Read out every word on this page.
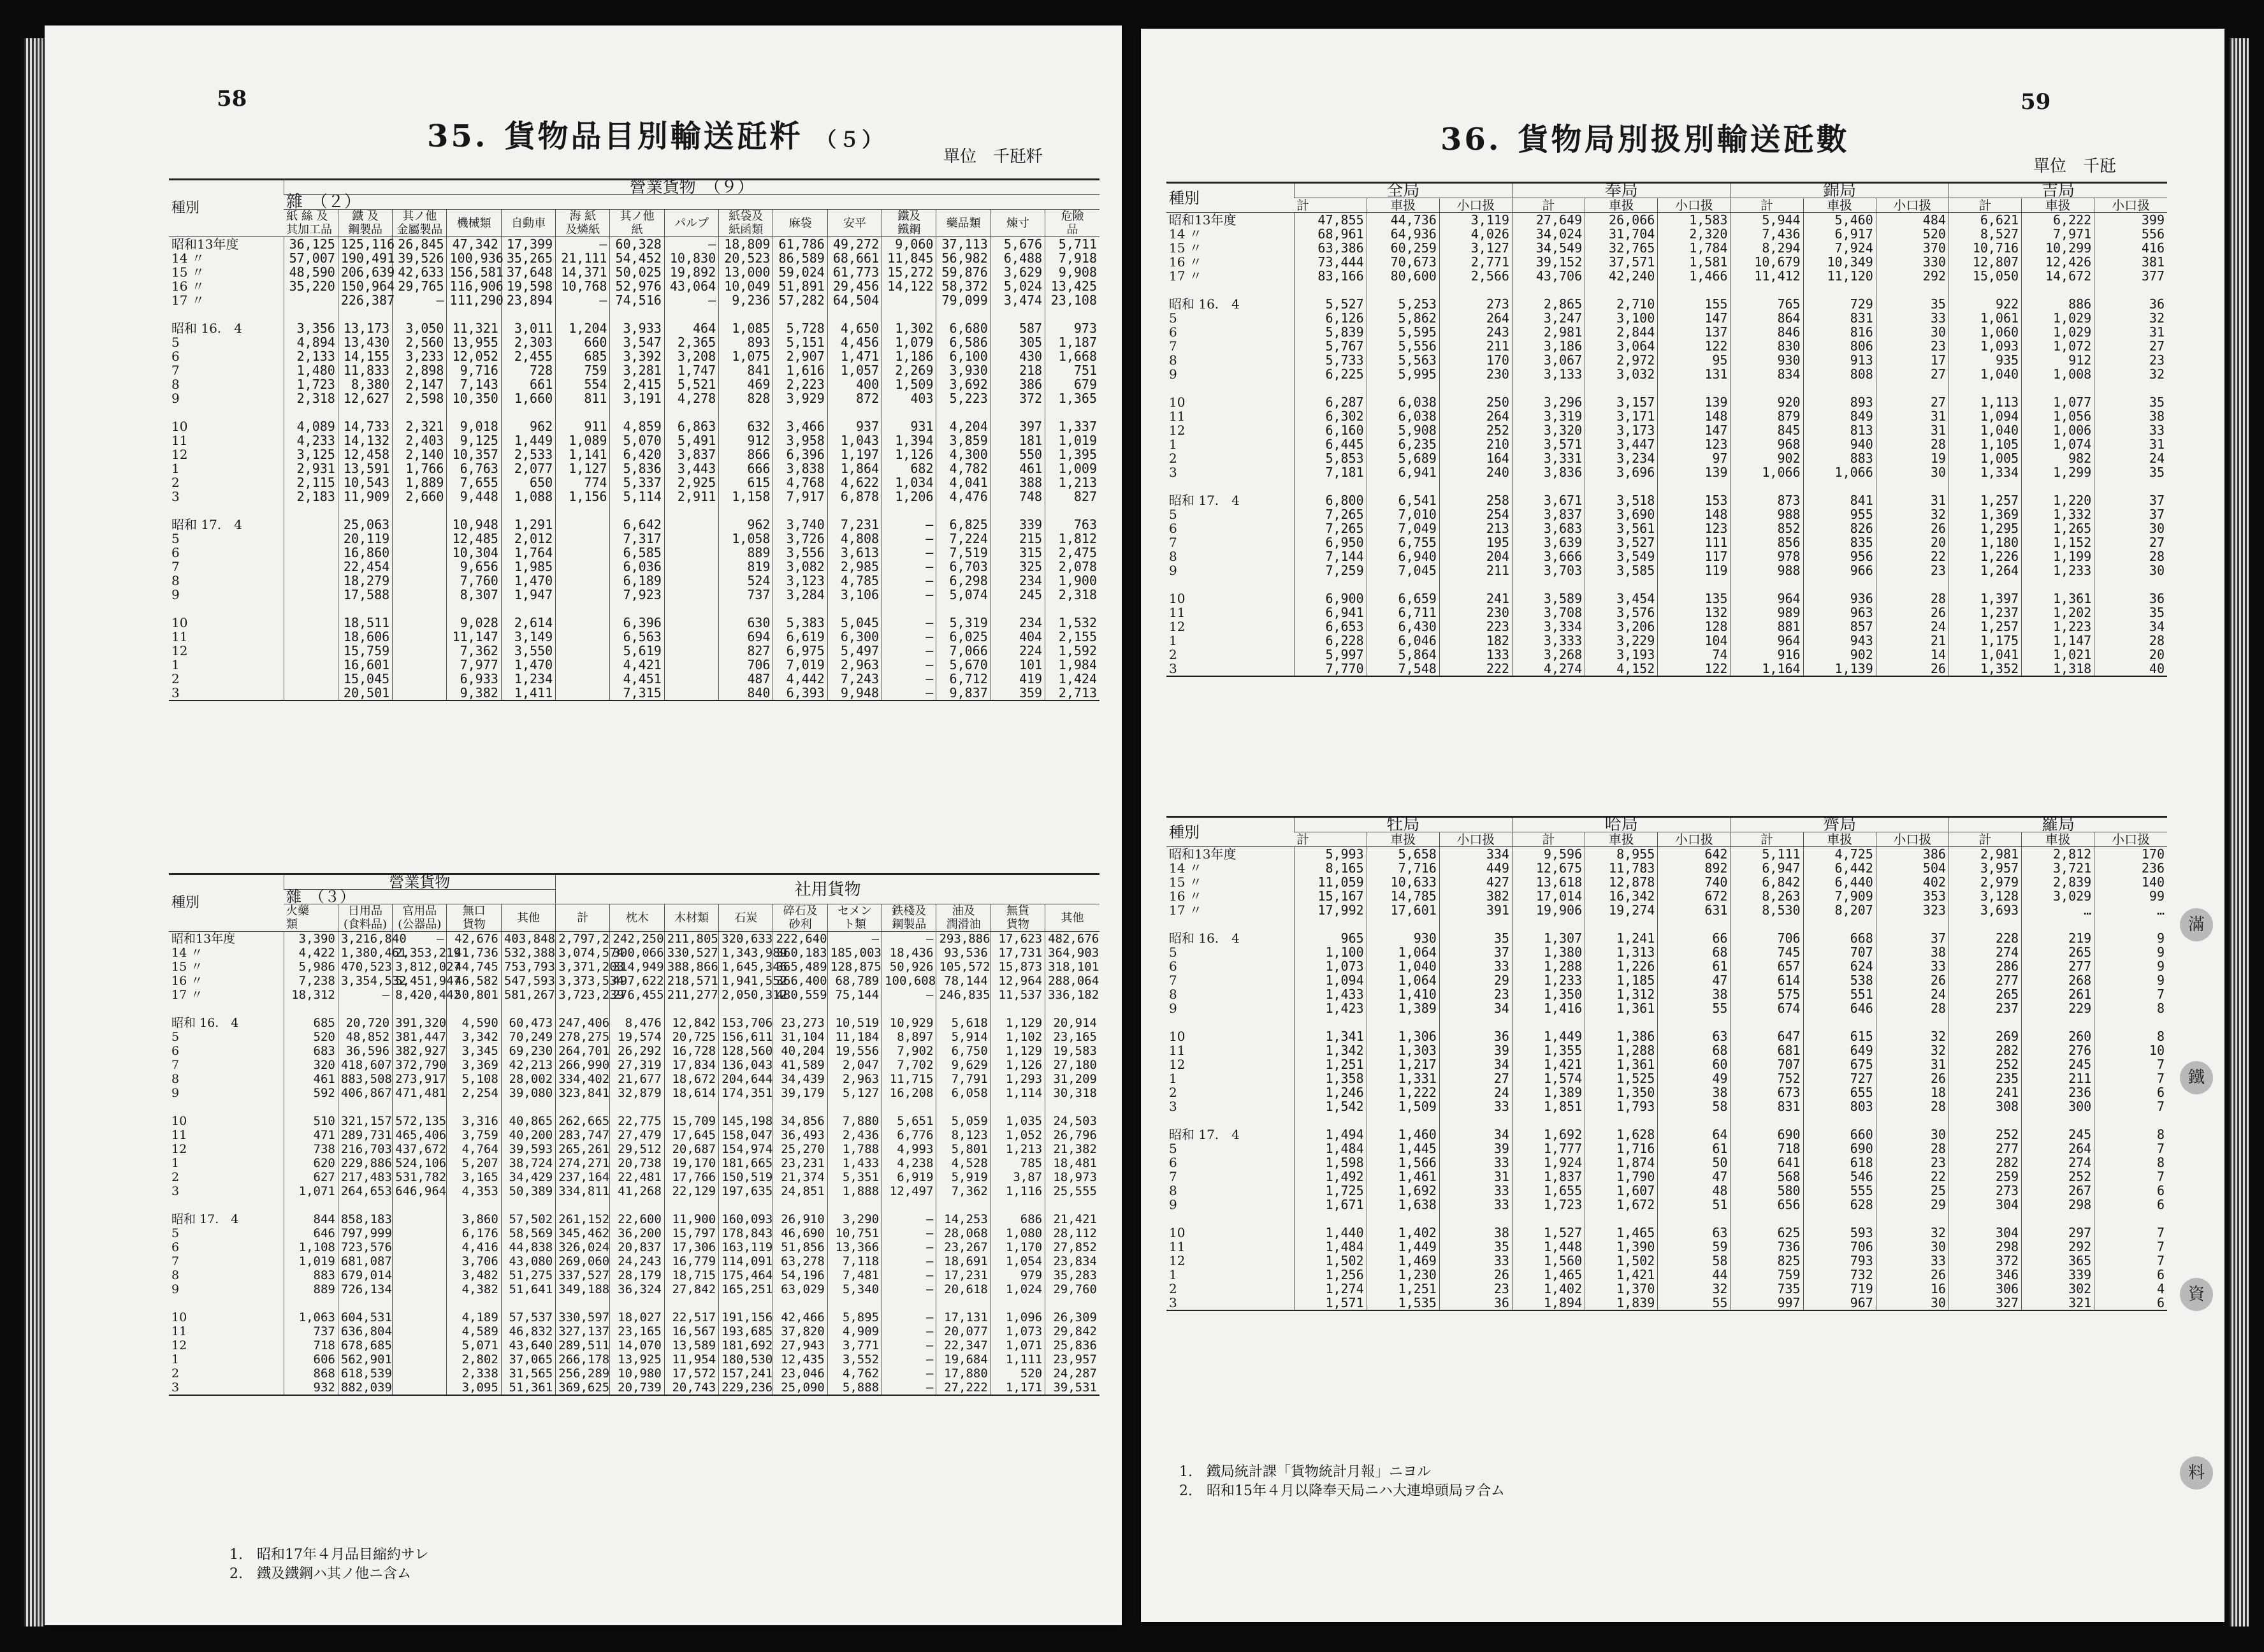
58
35. 貨物品目別輸送瓩粁 （５）
單位　千瓩粁
種別	營業貨物　（９）														
	雜　（２）														
	紙 絲 及
其加工品	鐵 及
鋼製品	其ノ他
金屬製品	機械類	自動車	海 紙
及燐紙	其ノ他
紙	パルプ	紙袋及
紙函類	麻袋	安平	鐵及
鐵鋼	藥品類	煉寸	危險
品
昭和13年度	36,125	125,116	26,845	47,342	17,399	—	60,328	—	18,809	61,786	49,272	9,060	37,113	5,676	5,711
14 〃	57,007	190,491	39,526	100,936	35,265	21,111	54,452	10,830	20,523	86,589	68,661	11,845	56,982	6,488	7,918
15 〃	48,590	206,639	42,633	156,581	37,648	14,371	50,025	19,892	13,000	59,024	61,773	15,272	59,876	3,629	9,908
16 〃	35,220	150,964	29,765	116,906	19,598	10,768	52,976	43,064	10,049	51,891	29,456	14,122	58,372	5,024	13,425
17 〃		226,387	—	111,290	23,894	—	74,516	—	9,236	57,282	64,504		79,099	3,474	23,108

昭和 16.　4	3,356	13,173	3,050	11,321	3,011	1,204	3,933	464	1,085	5,728	4,650	1,302	6,680	587	973
5	4,894	13,430	2,560	13,955	2,303	660	3,547	2,365	893	5,151	4,456	1,079	6,586	305	1,187
6	2,133	14,155	3,233	12,052	2,455	685	3,392	3,208	1,075	2,907	1,471	1,186	6,100	430	1,668
7	1,480	11,833	2,898	9,716	728	759	3,281	1,747	841	1,616	1,057	2,269	3,930	218	751
8	1,723	8,380	2,147	7,143	661	554	2,415	5,521	469	2,223	400	1,509	3,692	386	679
9	2,318	12,627	2,598	10,350	1,660	811	3,191	4,278	828	3,929	872	403	5,223	372	1,365

10	4,089	14,733	2,321	9,018	962	911	4,859	6,863	632	3,466	937	931	4,204	397	1,337
11	4,233	14,132	2,403	9,125	1,449	1,089	5,070	5,491	912	3,958	1,043	1,394	3,859	181	1,019
12	3,125	12,458	2,140	10,357	2,533	1,141	6,420	3,837	866	6,396	1,197	1,126	4,300	550	1,395
1	2,931	13,591	1,766	6,763	2,077	1,127	5,836	3,443	666	3,838	1,864	682	4,782	461	1,009
2	2,115	10,543	1,889	7,655	650	774	5,337	2,925	615	4,768	4,622	1,034	4,041	388	1,213
3	2,183	11,909	2,660	9,448	1,088	1,156	5,114	2,911	1,158	7,917	6,878	1,206	4,476	748	827

昭和 17.　4		25,063		10,948	1,291		6,642		962	3,740	7,231	—	6,825	339	763
5		20,119		12,485	2,012		7,317		1,058	3,726	4,808	—	7,224	215	1,812
6		16,860		10,304	1,764		6,585		889	3,556	3,613	—	7,519	315	2,475
7		22,454		9,656	1,985		6,036		819	3,082	2,985	—	6,703	325	2,078
8		18,279		7,760	1,470		6,189		524	3,123	4,785	—	6,298	234	1,900
9		17,588		8,307	1,947		7,923		737	3,284	3,106	—	5,074	245	2,318

10		18,511		9,028	2,614		6,396		630	5,383	5,045	—	5,319	234	1,532
11		18,606		11,147	3,149		6,563		694	6,619	6,300	—	6,025	404	2,155
12		15,759		7,362	3,550		5,619		827	6,975	5,497	—	7,066	224	1,592
1		16,601		7,977	1,470		4,421		706	7,019	2,963	—	5,670	101	1,984
2		15,045		6,933	1,234		4,451		487	4,442	7,243	—	6,712	419	1,424
3		20,501		9,382	1,411		7,315		840	6,393	9,948	—	9,837	359	2,713
種別	營業貨物					社用貨物									
	雜　（３）														
	火藥
類	日用品
(食料品)	官用品
(公器品)	無口
貨物	其他	計	枕木	木材類	石炭	碎石及
砂利	セメン
ト類	鉄棧及
鋼製品	油及
潤滑油	無貨
貨物	其他
昭和13年度	3,390	3,216,840	—	42,676	403,848	2,797,2	242,250	211,805	320,633	222,640	—	—	293,886	17,623	482,676
14 〃	4,422	1,380,461	2,353,219	41,736	532,388	3,074,574	300,066	330,527	1,343,989	360,183	185,003	18,436	93,536	17,731	364,903
15 〃	5,986	470,523	3,812,027	44,745	753,793	3,371,203	314,949	388,866	1,645,346	365,489	128,875	50,926	105,572	15,873	318,101
16 〃	7,238	3,354,532	5,451,947	46,582	547,593	3,373,534	497,622	218,571	1,941,552	366,400	68,789	100,608	78,144	12,964	288,064
17 〃	18,312	—	8,420,442	50,801	581,267	3,723,239	276,455	211,277	2,050,312	480,559	75,144	—	246,835	11,537	336,182

昭和 16.　4	685	20,720	391,320	4,590	60,473	247,406	8,476	12,842	153,706	23,273	10,519	10,929	5,618	1,129	20,914
5	520	48,852	381,447	3,342	70,249	278,275	19,574	20,725	156,611	31,104	11,184	8,897	5,914	1,102	23,165
6	683	36,596	382,927	3,345	69,230	264,701	26,292	16,728	128,560	40,204	19,556	7,902	6,750	1,129	19,583
7	320	418,607	372,790	3,369	42,213	266,990	27,319	17,834	136,043	41,589	2,047	7,702	9,629	1,126	27,180
8	461	883,508	273,917	5,108	28,002	334,402	21,677	18,672	204,644	34,439	2,963	11,715	7,791	1,293	31,209
9	592	406,867	471,481	2,254	39,080	323,841	32,879	18,614	174,351	39,179	5,127	16,208	6,058	1,114	30,318

10	510	321,157	572,135	3,316	40,865	262,665	22,775	15,709	145,198	34,856	7,880	5,651	5,059	1,035	24,503
11	471	289,731	465,406	3,759	40,200	283,747	27,479	17,645	158,047	36,493	2,436	6,776	8,123	1,052	26,796
12	738	216,703	437,672	4,764	39,593	265,261	29,512	20,687	154,974	25,270	1,788	4,993	5,801	1,213	21,382
1	620	229,886	524,106	5,207	38,724	274,271	20,738	19,170	181,665	23,231	1,433	4,238	4,528	785	18,481
2	627	217,483	531,782	3,165	34,429	237,164	22,481	17,766	150,519	21,374	5,351	6,919	5,919	3,87	18,973
3	1,071	264,653	646,964	4,353	50,389	334,811	41,268	22,129	197,635	24,851	1,888	12,497	7,362	1,116	25,555

昭和 17.　4	844	858,183		3,860	57,502	261,152	22,600	11,900	160,093	26,910	3,290	—	14,253	686	21,421
5	646	797,999		6,176	58,569	345,462	36,200	15,797	178,843	46,690	10,751	—	28,068	1,080	28,112
6	1,108	723,576		4,416	44,838	326,024	20,837	17,306	163,119	51,856	13,366	—	23,267	1,170	27,852
7	1,019	681,087		3,706	43,080	269,060	24,243	16,779	114,091	63,278	7,118	—	18,691	1,054	23,834
8	883	679,014		3,482	51,275	337,527	28,179	18,715	175,464	54,196	7,481	—	17,231	979	35,283
9	889	726,134		4,382	51,641	349,188	36,324	27,842	165,251	63,029	5,340	—	20,618	1,024	29,760

10	1,063	604,531		4,189	57,537	330,597	18,027	22,517	191,156	42,466	5,895	—	17,131	1,096	26,309
11	737	636,804		4,589	46,832	327,137	23,165	16,567	193,685	37,820	4,909	—	20,077	1,073	29,842
12	718	678,685		5,071	43,640	289,511	14,070	13,589	181,692	27,943	3,771	—	22,347	1,071	25,836
1	606	562,901		2,802	37,065	266,178	13,925	11,954	180,530	12,435	3,552	—	19,684	1,111	23,957
2	868	618,539		2,338	31,565	256,289	10,980	17,572	157,241	23,046	4,762	—	17,880	520	24,287
3	932	882,039		3,095	51,361	369,625	20,739	20,743	229,236	25,090	5,888	—	27,222	1,171	39,531
1.　昭和17年４月品目縮約サレ
2.　鐵及鐵鋼ハ其ノ他ニ含ム
59
36. 貨物局別扱別輸送瓩數
單位　千瓩
種別	全局			奉局			錦局			吉局		
	計	車扱	小口扱	計	車扱	小口扱	計	車扱	小口扱	計	車扱	小口扱
昭和13年度	47,855	44,736	3,119	27,649	26,066	1,583	5,944	5,460	484	6,621	6,222	399
14 〃	68,961	64,936	4,026	34,024	31,704	2,320	7,436	6,917	520	8,527	7,971	556
15 〃	63,386	60,259	3,127	34,549	32,765	1,784	8,294	7,924	370	10,716	10,299	416
16 〃	73,444	70,673	2,771	39,152	37,571	1,581	10,679	10,349	330	12,807	12,426	381
17 〃	83,166	80,600	2,566	43,706	42,240	1,466	11,412	11,120	292	15,050	14,672	377

昭和 16.　4	5,527	5,253	273	2,865	2,710	155	765	729	35	922	886	36
5	6,126	5,862	264	3,247	3,100	147	864	831	33	1,061	1,029	32
6	5,839	5,595	243	2,981	2,844	137	846	816	30	1,060	1,029	31
7	5,767	5,556	211	3,186	3,064	122	830	806	23	1,093	1,072	27
8	5,733	5,563	170	3,067	2,972	95	930	913	17	935	912	23
9	6,225	5,995	230	3,133	3,032	131	834	808	27	1,040	1,008	32

10	6,287	6,038	250	3,296	3,157	139	920	893	27	1,113	1,077	35
11	6,302	6,038	264	3,319	3,171	148	879	849	31	1,094	1,056	38
12	6,160	5,908	252	3,320	3,173	147	845	813	31	1,040	1,006	33
1	6,445	6,235	210	3,571	3,447	123	968	940	28	1,105	1,074	31
2	5,853	5,689	164	3,331	3,234	97	902	883	19	1,005	982	24
3	7,181	6,941	240	3,836	3,696	139	1,066	1,066	30	1,334	1,299	35

昭和 17.　4	6,800	6,541	258	3,671	3,518	153	873	841	31	1,257	1,220	37
5	7,265	7,010	254	3,837	3,690	148	988	955	32	1,369	1,332	37
6	7,265	7,049	213	3,683	3,561	123	852	826	26	1,295	1,265	30
7	6,950	6,755	195	3,639	3,527	111	856	835	20	1,180	1,152	27
8	7,144	6,940	204	3,666	3,549	117	978	956	22	1,226	1,199	28
9	7,259	7,045	211	3,703	3,585	119	988	966	23	1,264	1,233	30

10	6,900	6,659	241	3,589	3,454	135	964	936	28	1,397	1,361	36
11	6,941	6,711	230	3,708	3,576	132	989	963	26	1,237	1,202	35
12	6,653	6,430	223	3,334	3,206	128	881	857	24	1,257	1,223	34
1	6,228	6,046	182	3,333	3,229	104	964	943	21	1,175	1,147	28
2	5,997	5,864	133	3,268	3,193	74	916	902	14	1,041	1,021	20
3	7,770	7,548	222	4,274	4,152	122	1,164	1,139	26	1,352	1,318	40
種別	牡局			哈局			齊局			羅局		
	計	車扱	小口扱	計	車扱	小口扱	計	車扱	小口扱	計	車扱	小口扱
昭和13年度	5,993	5,658	334	9,596	8,955	642	5,111	4,725	386	2,981	2,812	170
14 〃	8,165	7,716	449	12,675	11,783	892	6,947	6,442	504	3,957	3,721	236
15 〃	11,059	10,633	427	13,618	12,878	740	6,842	6,440	402	2,979	2,839	140
16 〃	15,167	14,785	382	17,014	16,342	672	8,263	7,909	353	3,128	3,029	99
17 〃	17,992	17,601	391	19,906	19,274	631	8,530	8,207	323	3,693	…	…

昭和 16.　4	965	930	35	1,307	1,241	66	706	668	37	228	219	9
5	1,100	1,064	37	1,380	1,313	68	745	707	38	274	265	9
6	1,073	1,040	33	1,288	1,226	61	657	624	33	286	277	9
7	1,094	1,064	29	1,233	1,185	47	614	538	26	277	268	9
8	1,433	1,410	23	1,350	1,312	38	575	551	24	265	261	7
9	1,423	1,389	34	1,416	1,361	55	674	646	28	237	229	8

10	1,341	1,306	36	1,449	1,386	63	647	615	32	269	260	8
11	1,342	1,303	39	1,355	1,288	68	681	649	32	282	276	10
12	1,251	1,217	34	1,421	1,361	60	707	675	31	252	245	7
1	1,358	1,331	27	1,574	1,525	49	752	727	26	235	211	7
2	1,246	1,222	24	1,389	1,350	38	673	655	18	241	236	6
3	1,542	1,509	33	1,851	1,793	58	831	803	28	308	300	7

昭和 17.　4	1,494	1,460	34	1,692	1,628	64	690	660	30	252	245	8
5	1,484	1,445	39	1,777	1,716	61	718	690	28	277	264	7
6	1,598	1,566	33	1,924	1,874	50	641	618	23	282	274	8
7	1,492	1,461	31	1,837	1,790	47	568	546	22	259	252	7
8	1,725	1,692	33	1,655	1,607	48	580	555	25	273	267	6
9	1,671	1,638	33	1,723	1,672	51	656	628	29	304	298	6

10	1,440	1,402	38	1,527	1,465	63	625	593	32	304	297	7
11	1,484	1,449	35	1,448	1,390	59	736	706	30	298	292	7
12	1,502	1,469	33	1,560	1,502	58	825	793	33	372	365	7
1	1,256	1,230	26	1,465	1,421	44	759	732	26	346	339	6
2	1,274	1,251	23	1,402	1,370	32	735	719	16	306	302	4
3	1,571	1,535	36	1,894	1,839	55	997	967	30	327	321	6
1.　鐵局統計課「貨物統計月報」ニヨル
2.　昭和15年４月以降奉天局ニハ大連埠頭局ヲ合ム
滿
鐵
資
料
